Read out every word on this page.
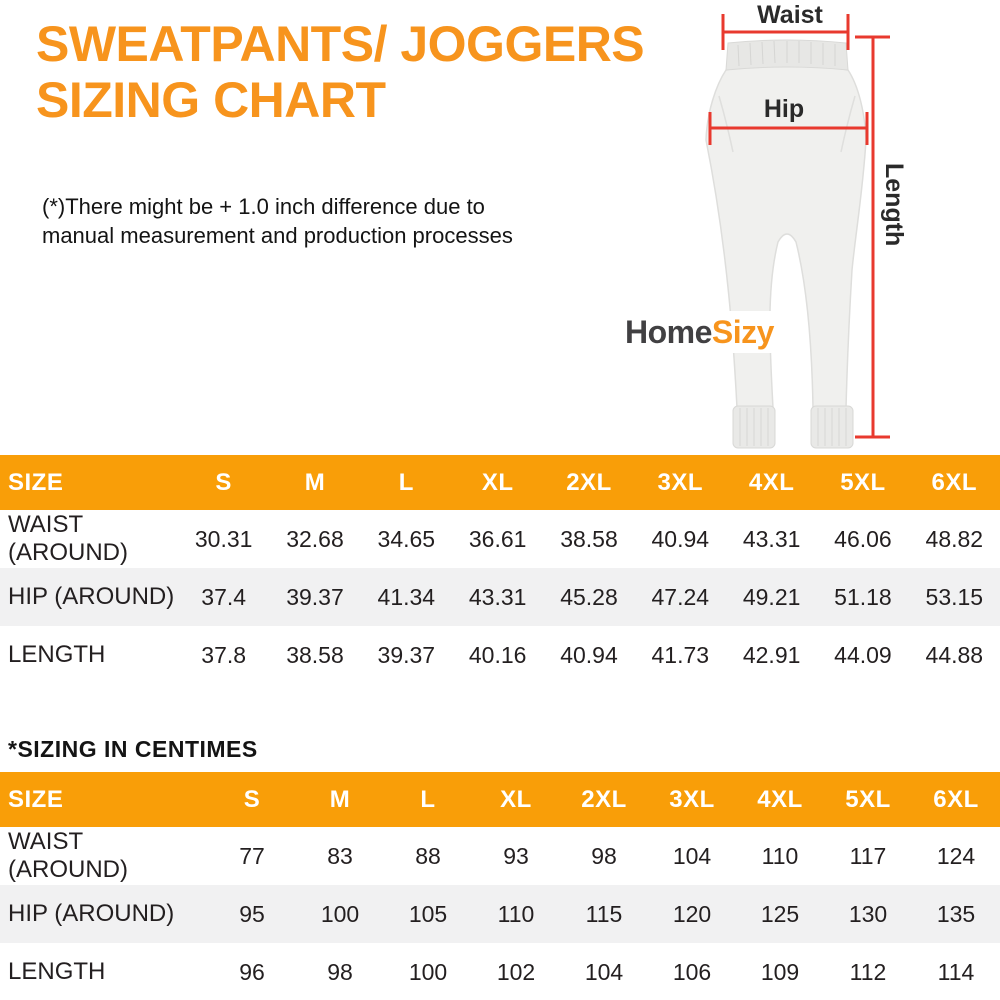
SWEATPANTS/ JOGGERS
SIZING CHART
(*)There might be + 1.0 inch difference due to
manual measurement and production processes
Waist
Hip
Length
Home Sizy
SIZE	S	M	L	XL	2XL	3XL	4XL	5XL	6XL
WAIST (AROUND)	30.31	32.68	34.65	36.61	38.58	40.94	43.31	46.06	48.82
HIP (AROUND)	37.4	39.37	41.34	43.31	45.28	47.24	49.21	51.18	53.15
LENGTH	37.8	38.58	39.37	40.16	40.94	41.73	42.91	44.09	44.88
*SIZING IN CENTIMES
SIZE	S	M	L	XL	2XL	3XL	4XL	5XL	6XL
WAIST (AROUND)	77	83	88	93	98	104	110	117	124
HIP (AROUND)	95	100	105	110	115	120	125	130	135
LENGTH	96	98	100	102	104	106	109	112	114
